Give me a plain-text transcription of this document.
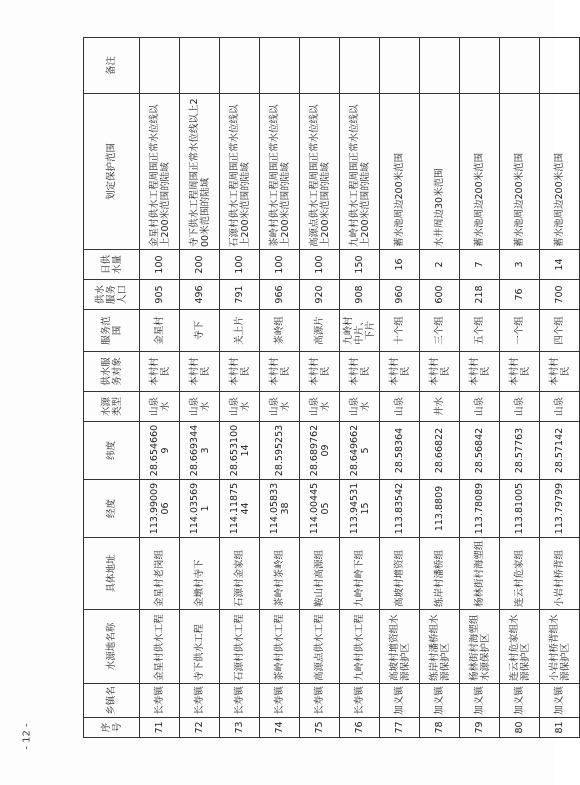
序号	乡镇名	水源地名称	具体地址	经度	纬度	水源类型	供水服务对象	服务范围	供水服务人口	日供水量	划定保护范围	备注
71	长寿镇	金星村供水工程	金星村老岗组	113.9900906	28.6546609	山泉水	本村村民	金星村	905	100	金星村供水工程周围正常水位线以上200米范围的陆域	
72	长寿镇	寺下供水工程	金墩村寺下	114.035691	28.6693443	山泉水	本村村民	寺下	496	200	寺下供水工程周围正常水位线以上200米范围的陆域	
73	长寿镇	石源村供水工程	石源村金家组	114.1187544	28.65310014	山泉水	本村村民	关上片	791	100	石源村供水工程周围正常水位线以上200米范围的陆域	
74	长寿镇	茶岭村供水工程	茶岭村茶岭组	114.0583338	28.595253	山泉水	本村村民	茶岭组	966	100	茶岭村供水工程周围正常水位线以上200米范围的陆域	
75	长寿镇	高源点供水工程	鞍山村高源组	114.0044505	28.68976209	山泉水	本村村民	高源片	920	100	高源点供水工程周围正常水位线以上200米范围的陆域	
76	长寿镇	九岭村供水工程	九岭村岭下组	113.9453115	28.6496625	山泉水	本村村民	九岭村中片、下片	908	150	九岭村供水工程周围正常水位线以上200米范围的陆域	
77	加义镇	高坡村增资组水源保护区	高坡村增资组	113.83542	28.58364	山泉	本村村民	十个组	960	16	蓄水池周边200米范围	
78	加义镇	练岸村潘桥组水源保护区	练岸村潘桥组	113.8809	28.66822	井水	本村村民	三个组	600	2	水井周边30米范围	
79	加义镇	杨林街村海塑组水源保护区	杨林街村海塑组	113.78089	28.56842	山泉	本村村民	五个组	218	7	蓄水池周边200米范围	
80	加义镇	连云村危家组水源保护区	连云村危家组	113.81005	28.57763	山泉	本村村民	一个组	76	3	蓄水池周边200米范围	
81	加义镇	小岩村桥背组水源保护区	小岩村桥背组	113.79799	28.57142	山泉	本村村民	四个组	700	14	蓄水池周边200米范围	
- 12 -
